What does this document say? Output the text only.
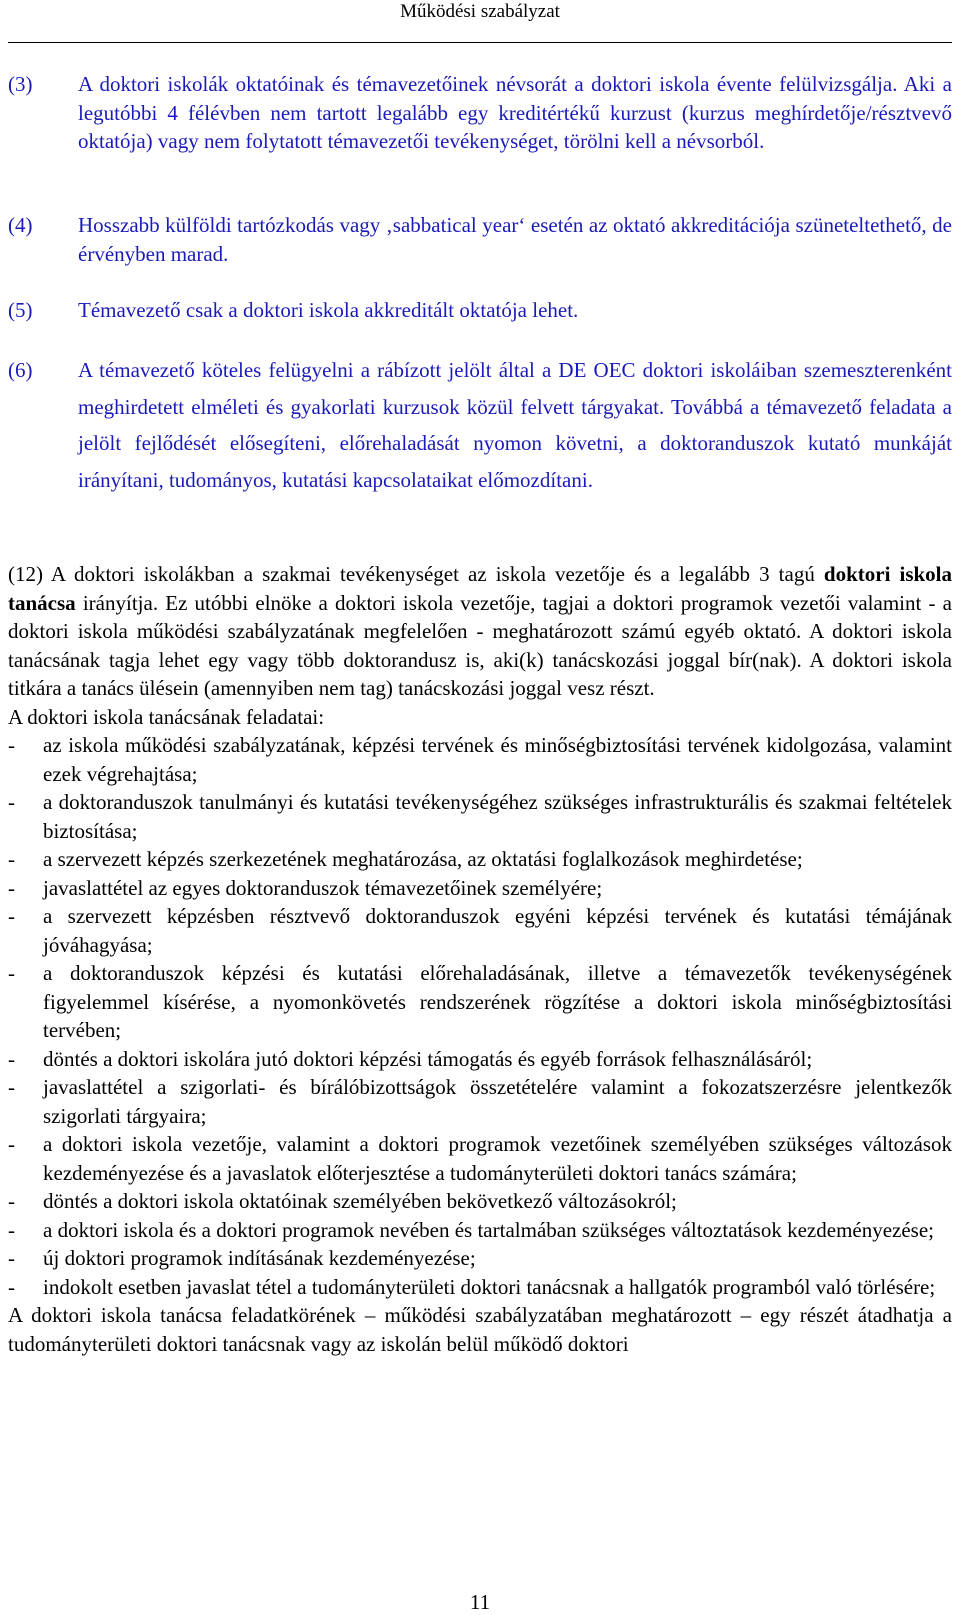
Működési szabályzat
(3) A doktori iskolák oktatóinak és témavezetőinek névsorát a doktori iskola évente felülvizsgálja. Aki a legutóbbi 4 félévben nem tartott legalább egy kreditértékű kurzust (kurzus meghírdetője/résztvevő oktatója) vagy nem folytatott témavezetői tevékenységet, törölni kell a névsorból.
(4) Hosszabb külföldi tartózkodás vagy ‚sabbatical year‘ esetén az oktató akkreditációja szüneteltethető, de érvényben marad.
(5) Témavezető csak a doktori iskola akkreditált oktatója lehet.
(6) A témavezető köteles felügyelni a rábízott jelölt által a DE OEC doktori iskoláiban szemeszterenként meghirdetett elméleti és gyakorlati kurzusok közül felvett tárgyakat. Továbbá a témavezető feladata a jelölt fejlődését elősegíteni, előrehaladását nyomon követni, a doktoranduszok kutató munkáját irányítani, tudományos, kutatási kapcsolataikat előmozdítani.
(12) A doktori iskolákban a szakmai tevékenységet az iskola vezetője és a legalább 3 tagú doktori iskola tanácsa irányítja. Ez utóbbi elnöke a doktori iskola vezetője, tagjai a doktori programok vezetői valamint - a doktori iskola működési szabályzatának megfelelően - meghatározott számú egyéb oktató. A doktori iskola tanácsának tagja lehet egy vagy több doktorandusz is, aki(k) tanácskozási joggal bír(nak). A doktori iskola titkára a tanács ülésein (amennyiben nem tag) tanácskozási joggal vesz részt.
A doktori iskola tanácsának feladatai:
- az iskola működési szabályzatának, képzési tervének és minőségbiztosítási tervének kidolgozása, valamint ezek végrehajtása;
- a doktoranduszok tanulmányi és kutatási tevékenységéhez szükséges infrastrukturális és szakmai feltételek biztosítása;
- a szervezett képzés szerkezetének meghatározása, az oktatási foglalkozások meghirdetése;
- javaslattétel az egyes doktoranduszok témavezetőinek személyére;
- a szervezett képzésben résztvevő doktoranduszok egyéni képzési tervének és kutatási témájának jóváhagyása;
- a doktoranduszok képzési és kutatási előrehaladásának, illetve a témavezetők tevékenységének figyelemmel kísérése, a nyomonkövetés rendszerének rögzítése a doktori iskola minőségbiztosítási tervében;
- döntés a doktori iskolára jutó doktori képzési támogatás és egyéb források felhasználásáról;
- javaslattétel a szigorlati- és bírálóbizottságok összetételére valamint a fokozatszerzésre jelentkezők szigorlati tárgyaira;
- a doktori iskola vezetője, valamint a doktori programok vezetőinek személyében szükséges változások kezdeményezése és a javaslatok előterjesztése a tudományterületi doktori tanács számára;
- döntés a doktori iskola oktatóinak személyében bekövetkező változásokról;
- a doktori iskola és a doktori programok nevében és tartalmában szükséges változtatások kezdeményezése;
- új doktori programok indításának kezdeményezése;
- indokolt esetben javaslat tétel a tudományterületi doktori tanácsnak a hallgatók programból való törlésére;
A doktori iskola tanácsa feladatkörének – működési szabályzatában meghatározott – egy részét átadhatja a tudományterületi doktori tanácsnak vagy az iskolán belül működő doktori
11
